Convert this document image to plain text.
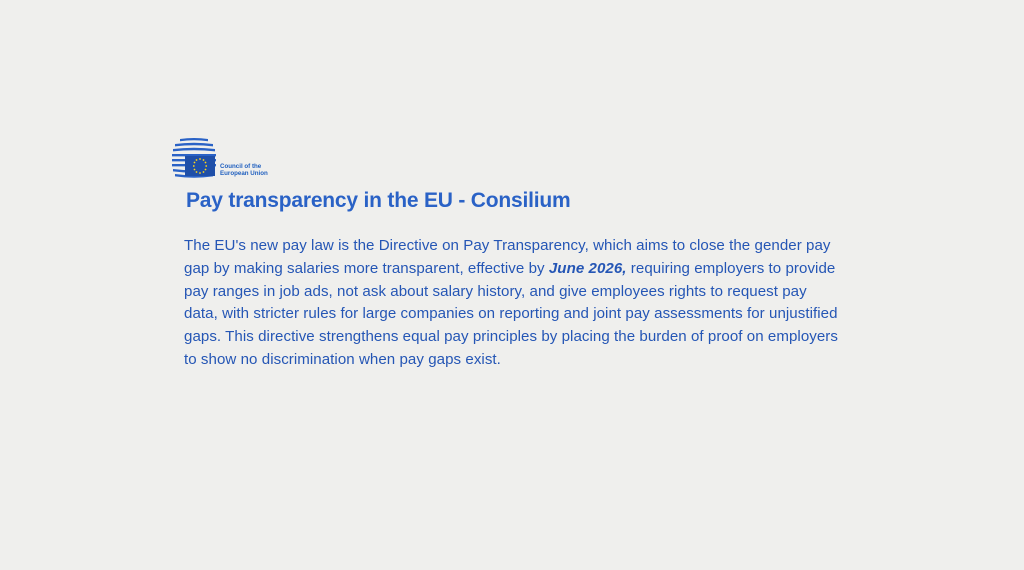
Council of the
European Union
Pay transparency in the EU - Consilium

The EU's new pay law is the Directive on Pay Transparency, which aims to close the gender pay gap by making salaries more transparent, effective by June 2026, requiring employers to provide pay ranges in job ads, not ask about salary history, and give employees rights to request pay data, with stricter rules for large companies on reporting and joint pay assessments for unjustified gaps. This directive strengthens equal pay principles by placing the burden of proof on employers to show no discrimination when pay gaps exist.
